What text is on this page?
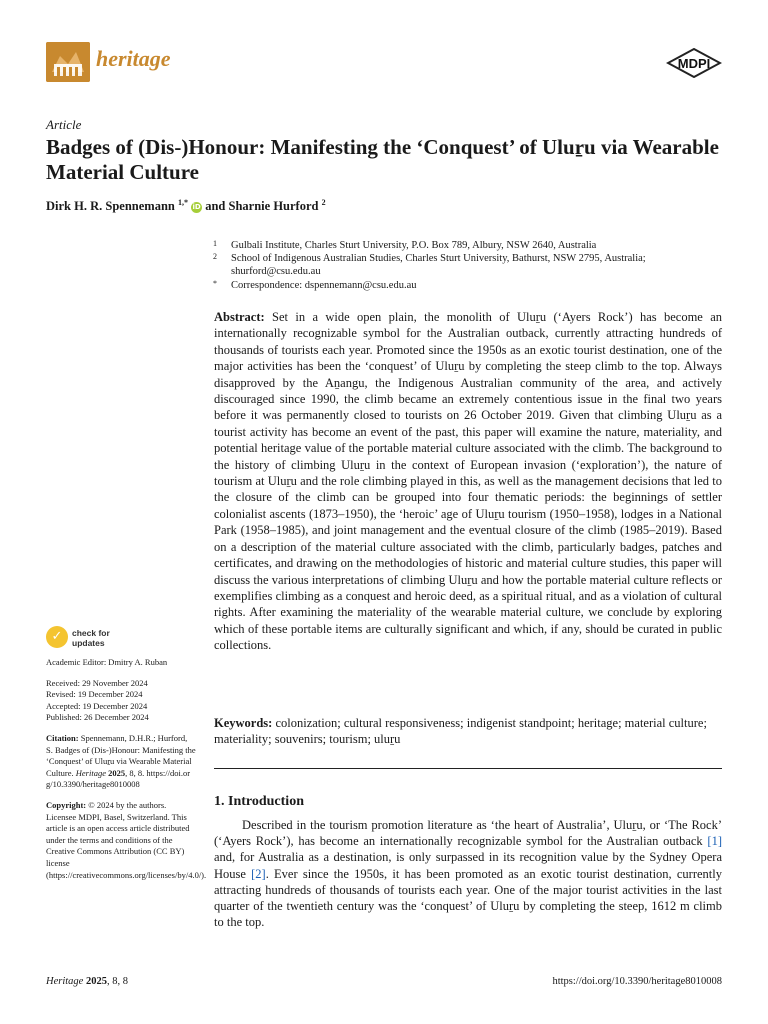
heritage	MDPI
Article
Badges of (Dis-)Honour: Manifesting the ‘Conquest’ of Uluṟu via Wearable Material Culture
Dirk H. R. Spennemann $^{1,*}$ iD and Sharnie Hurford $^2$
1 Gulbali Institute, Charles Sturt University, P.O. Box 789, Albury, NSW 2640, Australia
2 School of Indigenous Australian Studies, Charles Sturt University, Bathurst, NSW 2795, Australia; shurford@csu.edu.au
* Correspondence: dspennemann@csu.edu.au
✓	check for
updates

Academic Editor: Dmitry A. Ruban

Received: 29 November 2024

Revised: 19 December 2024

Accepted: 19 December 2024

Published: 26 December 2024

Citation: Spennemann, D.H.R.; Hurford, S. Badges of (Dis-)Honour: Manifesting the ‘Conquest’ of Uluṟu via Wearable Material Culture. Heritage 2025, 8, 8. https://doi.org/10.3390/heritage8010008

Copyright: © 2024 by the authors. Licensee MDPI, Basel, Switzerland. This article is an open access article distributed under the terms and conditions of the Creative Commons Attribution (CC BY) license (https://creativecommons.org/licenses/by/4.0/).

Abstract: Set in a wide open plain, the monolith of Uluṟu (‘Ayers Rock’) has become an internationally recognizable symbol for the Australian outback, currently attracting hundreds of thousands of tourists each year. Promoted since the 1950s as an exotic tourist destination, one of the major activities has been the ‘conquest’ of Uluṟu by completing the steep climb to the top. Always disapproved by the Aṉangu, the Indigenous Australian community of the area, and actively discouraged since 1990, the climb became an extremely contentious issue in the final two years before it was permanently closed to tourists on 26 October 2019. Given that climbing Uluṟu as a tourist activity has become an event of the past, this paper will examine the nature, materiality, and potential heritage value of the portable material culture associated with the climb. The background to the history of climbing Uluṟu in the context of European invasion (‘exploration’), the nature of tourism at Uluṟu and the role climbing played in this, as well as the management decisions that led to the closure of the climb can be grouped into four thematic periods: the beginnings of settler colonialist ascents (1873–1950), the ‘heroic’ age of Uluṟu tourism (1950–1958), lodges in a National Park (1958–1985), and joint management and the eventual closure of the climb (1985–2019). Based on a description of the material culture associated with the climb, particularly badges, patches and certificates, and drawing on the methodologies of historic and material culture studies, this paper will discuss the various interpretations of climbing Uluṟu and how the portable material culture reflects or exemplifies climbing as a conquest and heroic deed, as a spiritual ritual, and as a violation of cultural rights. After examining the materiality of the wearable material culture, we conclude by exploring which of these portable items are culturally significant and which, if any, should be curated in public collections.

Keywords: colonization; cultural responsiveness; indigenist standpoint; heritage; material culture; materiality; souvenirs; tourism; uluṟu

1. Introduction

Described in the tourism promotion literature as ‘the heart of Australia’, Uluṟu, or ‘The Rock’ (‘Ayers Rock’), has become an internationally recognizable symbol for the Australian outback [1] and, for Australia as a destination, is only surpassed in its recognition value by the Sydney Opera House [2]. Ever since the 1950s, it has been promoted as an exotic tourist destination, currently attracting hundreds of thousands of tourists each year. One of the major tourist activities in the last quarter of the twentieth century was the ‘conquest’ of Uluṟu by completing the steep, 1612 m climb to the top.

Heritage 2025, 8, 8	https://doi.org/10.3390/heritage8010008
